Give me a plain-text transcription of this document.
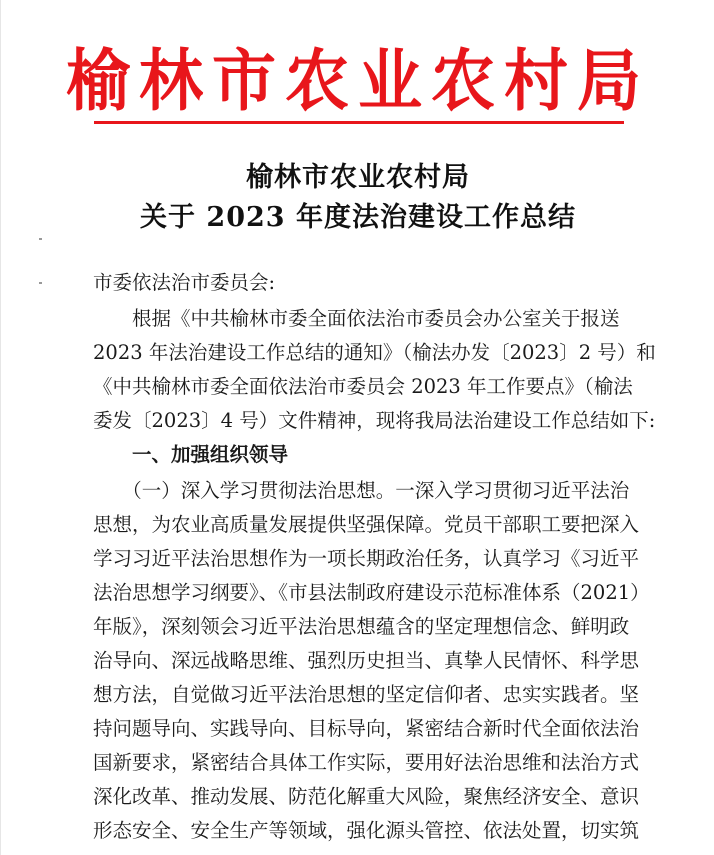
榆林市农业农村局
榆林市农业农村局
关于 2023 年度法治建设工作总结
市委依法治市委员会:
　　根据《中共榆林市委全面依法治市委员会办公室关于报送
2023 年法治建设工作总结的通知》（榆法办发〔2023〕2 号）和
《中共榆林市委全面依法治市委员会 2023 年工作要点》（榆法
委发〔2023〕4 号）文件精神，现将我局法治建设工作总结如下:
一、加强组织领导
　　（一）深入学习贯彻法治思想。一深入学习贯彻习近平法治
思想，为农业高质量发展提供坚强保障。党员干部职工要把深入
学习习近平法治思想作为一项长期政治任务，认真学习《习近平
法治思想学习纲要》、《市县法制政府建设示范标准体系（2021）
年版》，深刻领会习近平法治思想蕴含的坚定理想信念、鲜明政
治导向、深远战略思维、强烈历史担当、真挚人民情怀、科学思
想方法，自觉做习近平法治思想的坚定信仰者、忠实实践者。坚
持问题导向、实践导向、目标导向，紧密结合新时代全面依法治
国新要求，紧密结合具体工作实际，要用好法治思维和法治方式
深化改革、推动发展、防范化解重大风险，聚焦经济安全、意识
形态安全、安全生产等领域，强化源头管控、依法处置，切实筑
